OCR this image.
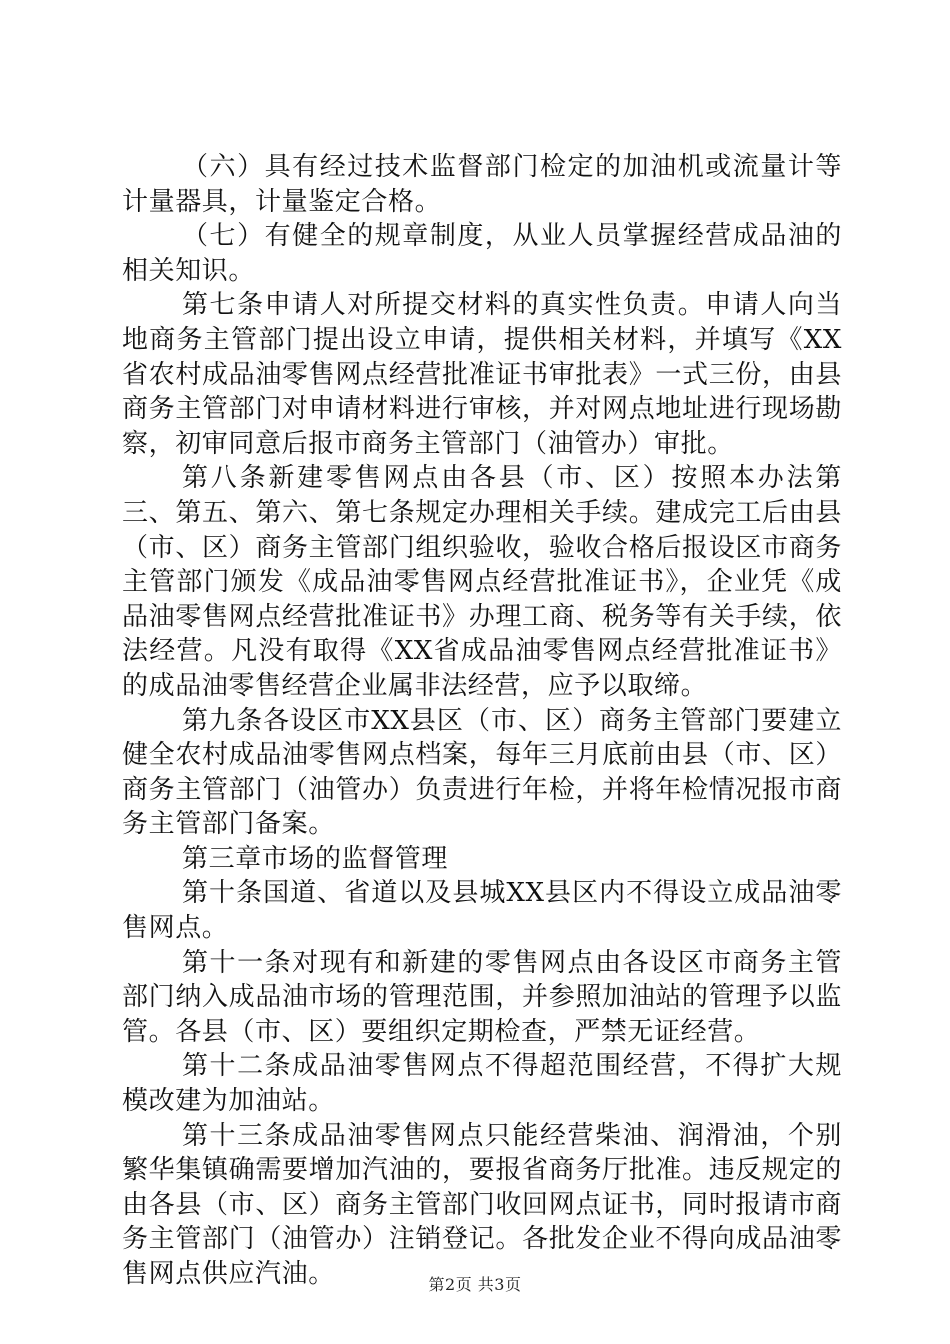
（六）具有经过技术监督部门检定的加油机或流量计等计量器具，计量鉴定合格。

（七）有健全的规章制度，从业人员掌握经营成品油的相关知识。

第七条申请人对所提交材料的真实性负责。申请人向当地商务主管部门提出设立申请，提供相关材料，并填写《XX省农村成品油零售网点经营批准证书审批表》一式三份，由县商务主管部门对申请材料进行审核，并对网点地址进行现场勘察，初审同意后报市商务主管部门（油管办）审批。

第八条新建零售网点由各县（市、区）按照本办法第三、第五、第六、第七条规定办理相关手续。建成完工后由县（市、区）商务主管部门组织验收，验收合格后报设区市商务主管部门颁发《成品油零售网点经营批准证书》，企业凭《成品油零售网点经营批准证书》办理工商、税务等有关手续，依法经营。凡没有取得《XX省成品油零售网点经营批准证书》的成品油零售经营企业属非法经营，应予以取缔。

第九条各设区市XX县区（市、区）商务主管部门要建立健全农村成品油零售网点档案，每年三月底前由县（市、区）商务主管部门（油管办）负责进行年检，并将年检情况报市商务主管部门备案。

第三章市场的监督管理

第十条国道、省道以及县城XX县区内不得设立成品油零售网点。

第十一条对现有和新建的零售网点由各设区市商务主管部门纳入成品油市场的管理范围，并参照加油站的管理予以监管。各县（市、区）要组织定期检查，严禁无证经营。

第十二条成品油零售网点不得超范围经营，不得扩大规模改建为加油站。

第十三条成品油零售网点只能经营柴油、润滑油，个别繁华集镇确需要增加汽油的，要报省商务厅批准。违反规定的由各县（市、区）商务主管部门收回网点证书，同时报请市商务主管部门（油管办）注销登记。各批发企业不得向成品油零售网点供应汽油。	第2页 共3页
